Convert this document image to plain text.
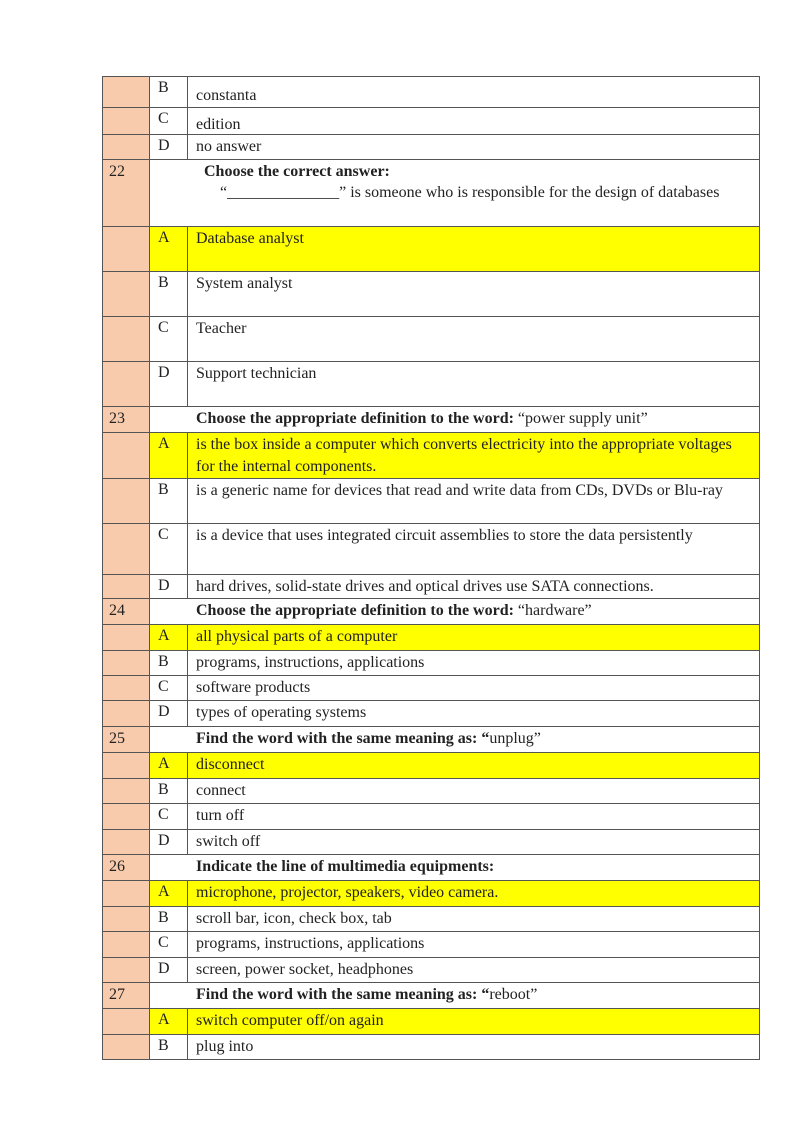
B	constanta
C	edition
D	no answer
22	Choose the correct answer:
“______________” is someone who is responsible for the design of databases
A	Database analyst
B	System analyst
C	Teacher
D	Support technician
23	Choose the appropriate definition to the word: “power supply unit”
A	is the box inside a computer which converts electricity into the appropriate voltages for the internal components.
B	is a generic name for devices that read and write data from CDs, DVDs or Blu-ray
C	is a device that uses integrated circuit assemblies to store the data persistently
D	hard drives, solid-state drives and optical drives use SATA connections.
24	Choose the appropriate definition to the word: “hardware”
A	all physical parts of a computer
B	programs, instructions, applications
C	software products
D	types of operating systems
25	Find the word with the same meaning as: “unplug”
A	disconnect
B	connect
C	turn off
D	switch off
26	Indicate the line of multimedia equipments:
A	microphone, projector, speakers, video camera.
B	scroll bar, icon, check box, tab
C	programs, instructions, applications
D	screen, power socket, headphones
27	Find the word with the same meaning as: “reboot”
A	switch computer off/on again
B	plug into
